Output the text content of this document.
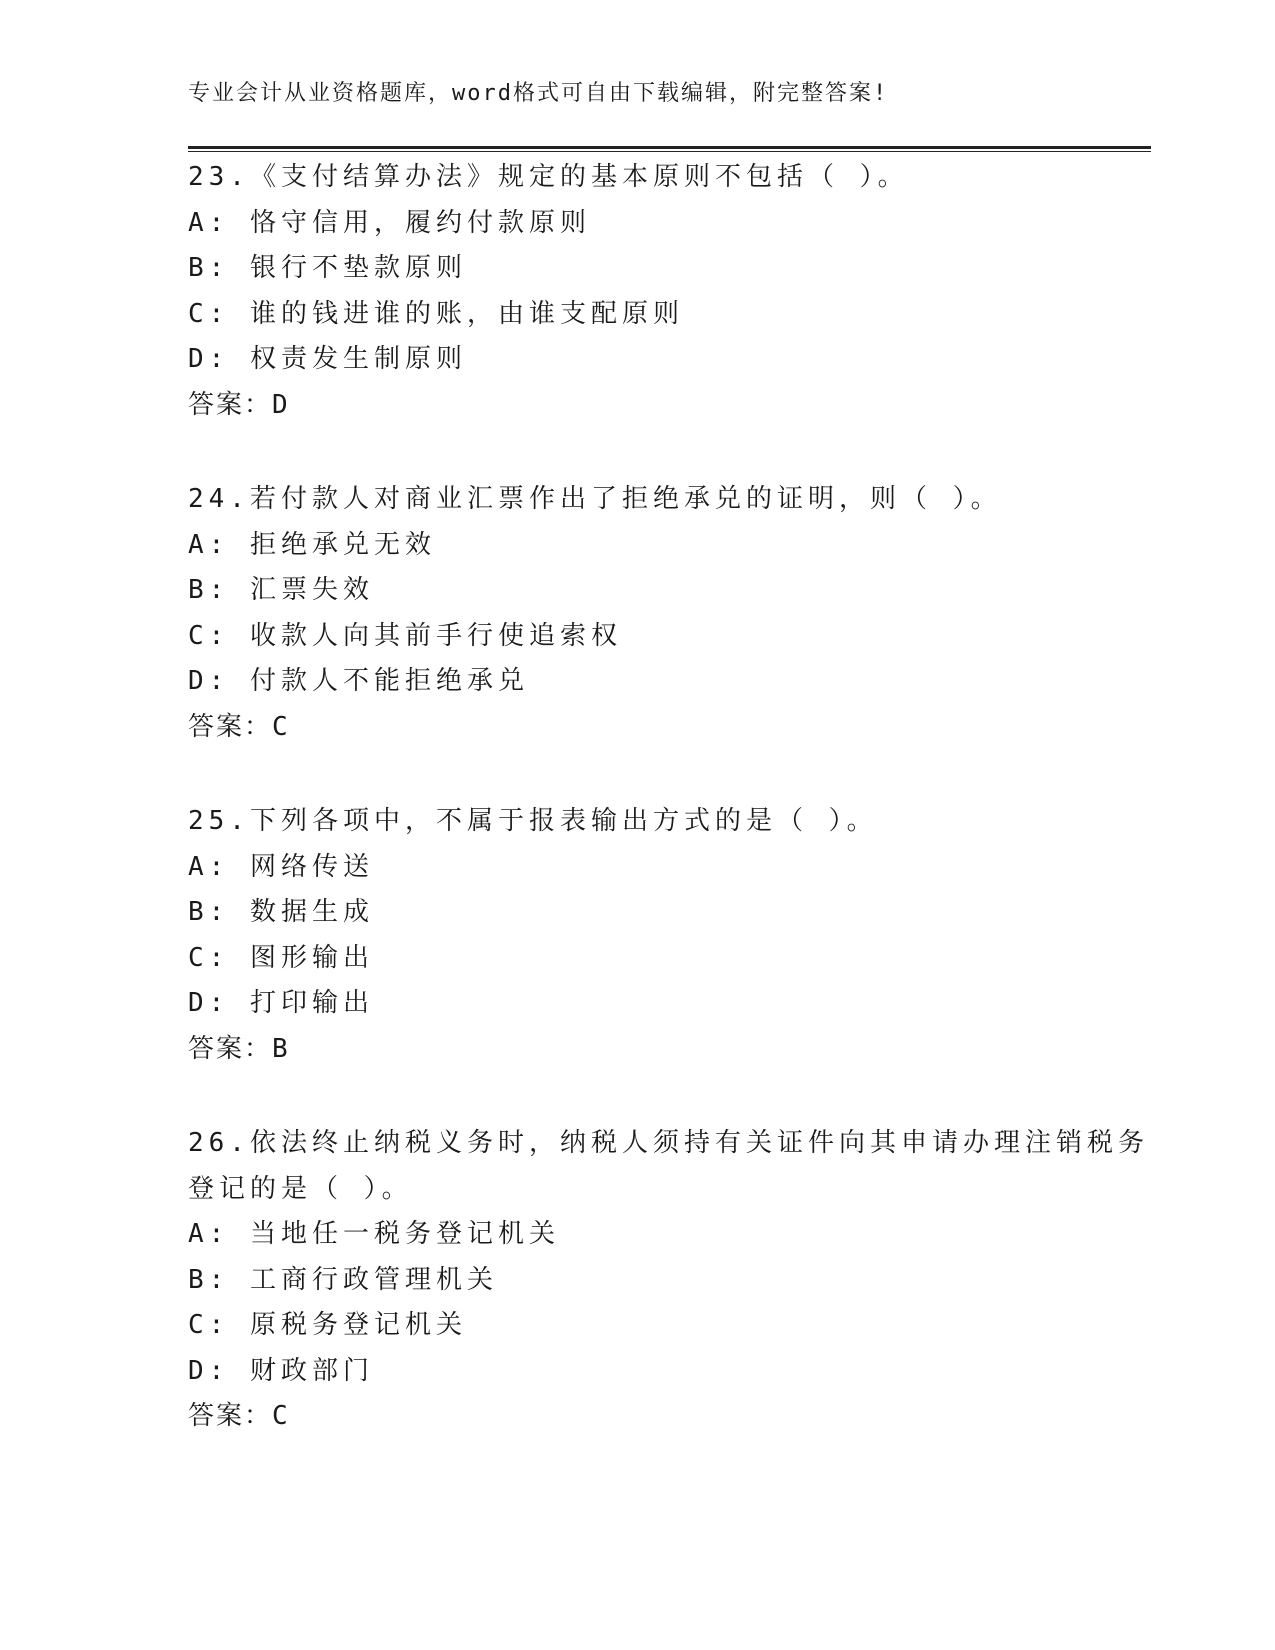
专业会计从业资格题库，word格式可自由下载编辑，附完整答案!
23.《支付结算办法》规定的基本原则不包括（ ）。
A: 恪守信用，履约付款原则
B: 银行不垫款原则
C: 谁的钱进谁的账，由谁支配原则
D: 权责发生制原则
答案：D
24.若付款人对商业汇票作出了拒绝承兑的证明，则（ ）。
A: 拒绝承兑无效
B: 汇票失效
C: 收款人向其前手行使追索权
D: 付款人不能拒绝承兑
答案：C
25.下列各项中，不属于报表输出方式的是（ ）。
A: 网络传送
B: 数据生成
C: 图形输出
D: 打印输出
答案：B
26.依法终止纳税义务时，纳税人须持有关证件向其申请办理注销税务
登记的是（ ）。
A: 当地任一税务登记机关
B: 工商行政管理机关
C: 原税务登记机关
D: 财政部门
答案：C
